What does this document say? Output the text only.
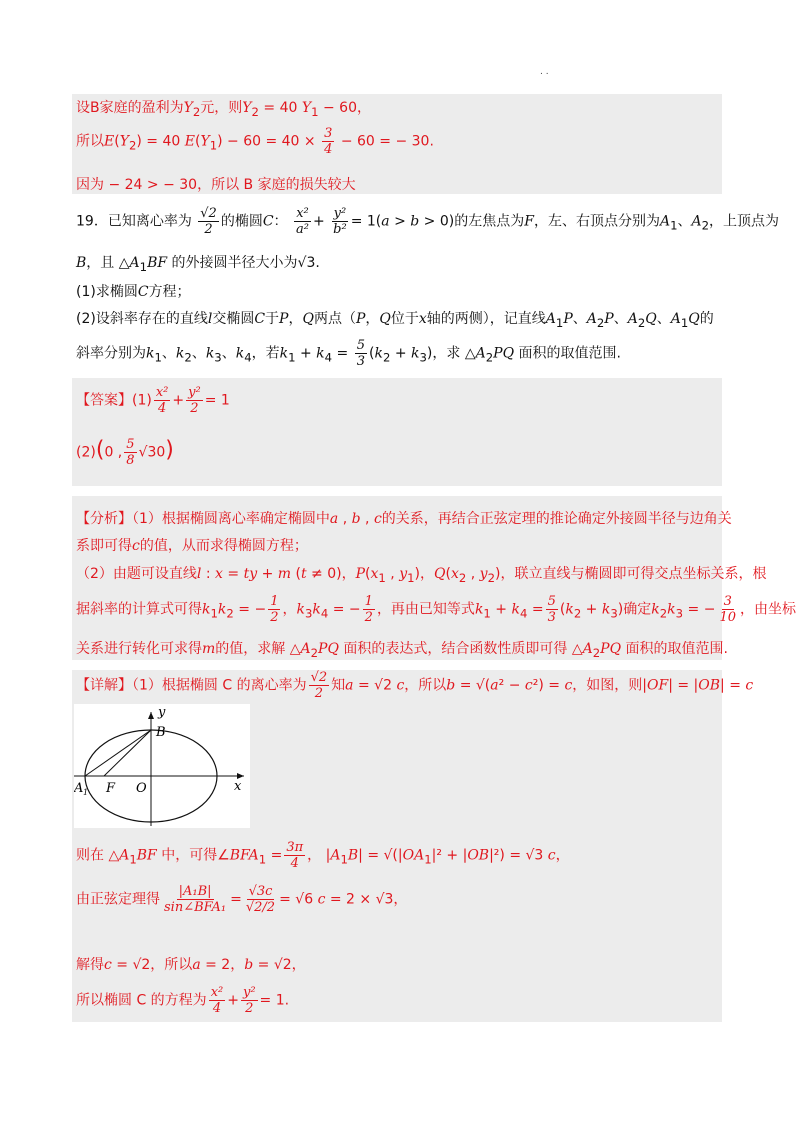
. .
设B家庭的盈利为$Y_2$元，则$Y_2 = 40$ $Y_1 - 60$，
所以$E(Y_2) = 40$ $E(Y_1) - 60 = 40 \times \frac{3}{4} - 60$ = − 30.
因为 − 24 > − 30，所以 B 家庭的损失较大
19．已知离心率为 $\frac{√2}{2}$ 的椭圆C： $\frac{\text{x²}}{\text{a²}} + \frac{\text{y²}}{\text{b²}} = 1(a > b > 0)$的左焦点为F，左、右顶点分别为$A_1$、$A_2$，上顶点为
B，且 $\triangle A_1BF$ 的外接圆半径大小为√3.
(1)求椭圆C方程；
(2)设斜率存在的直线l交椭圆C于P，Q两点（P，Q位于x轴的两侧），记直线$A_1P$、$A_2P$、$A_2Q$、$A_1Q$的
斜率分别为$k_1$、$k_2$、$k_3$、$k_4$，若$k_1 + k_4 = \frac{5}{3} (k_2 + k_3)$，求 $\triangle A_2PQ$ 面积的取值范围.
【答案】$(1) \frac{\text{x²}}{4} + \frac{\text{y²}}{2} = 1$
(2)(0 , $\frac{5}{8} √30$)
【分析】（1）根据椭圆离心率确定椭圆中a , b , c的关系，再结合正弦定理的推论确定外接圆半径与边角关
系即可得c的值，从而求得椭圆方程；
（2）由题可设直线l : x = ty + m (t ≠ 0)，$P(x_1$ , $y_1$)，$Q(x_2$ , $y_2$)，联立直线与椭圆即可得交点坐标关系，根
据斜率的计算式可得$k_1k_2$ = − $\frac{1}{2}$ ，$k_3k_4$ = − $\frac{1}{2}$ ，再由已知等式$k_1 + k_4 = \frac{5}{3} (k_2 + k_3)$确定$k_2k_3$ = − $\frac{3}{10}$ ，由坐标
关系进行转化可求得m的值，求解 $\triangle A_2PQ$ 面积的表达式，结合函数性质即可得 $\triangle A_2PQ$ 面积的取值范围.
【详解】（1）根据椭圆 C 的离心率为 $\frac{√2}{2}$ 知a = √2 c，所以b = √(a² − c²) = c，如图，则|OF| = |OB| = c
y
x
B
A 1 F O
则在 $\triangle A_1BF$ 中，可得$\angle BFA_1 = \frac{3\pi}{4}$ ， $|A_1B| = √(|OA_1|^2 + |OB|^2) = √3$ c，
由正弦定理得 $\frac{\text{|A₁B|}}{\text{sin∠BFA₁}} = \frac{√3c}{√2/2} = √6$ c = 2 × √3，
解得c = √2，所以a = 2，b = √2，
所以椭圆 C 的方程为 $\frac{\text{x²}}{4} + \frac{\text{y²}}{2} = 1$.
